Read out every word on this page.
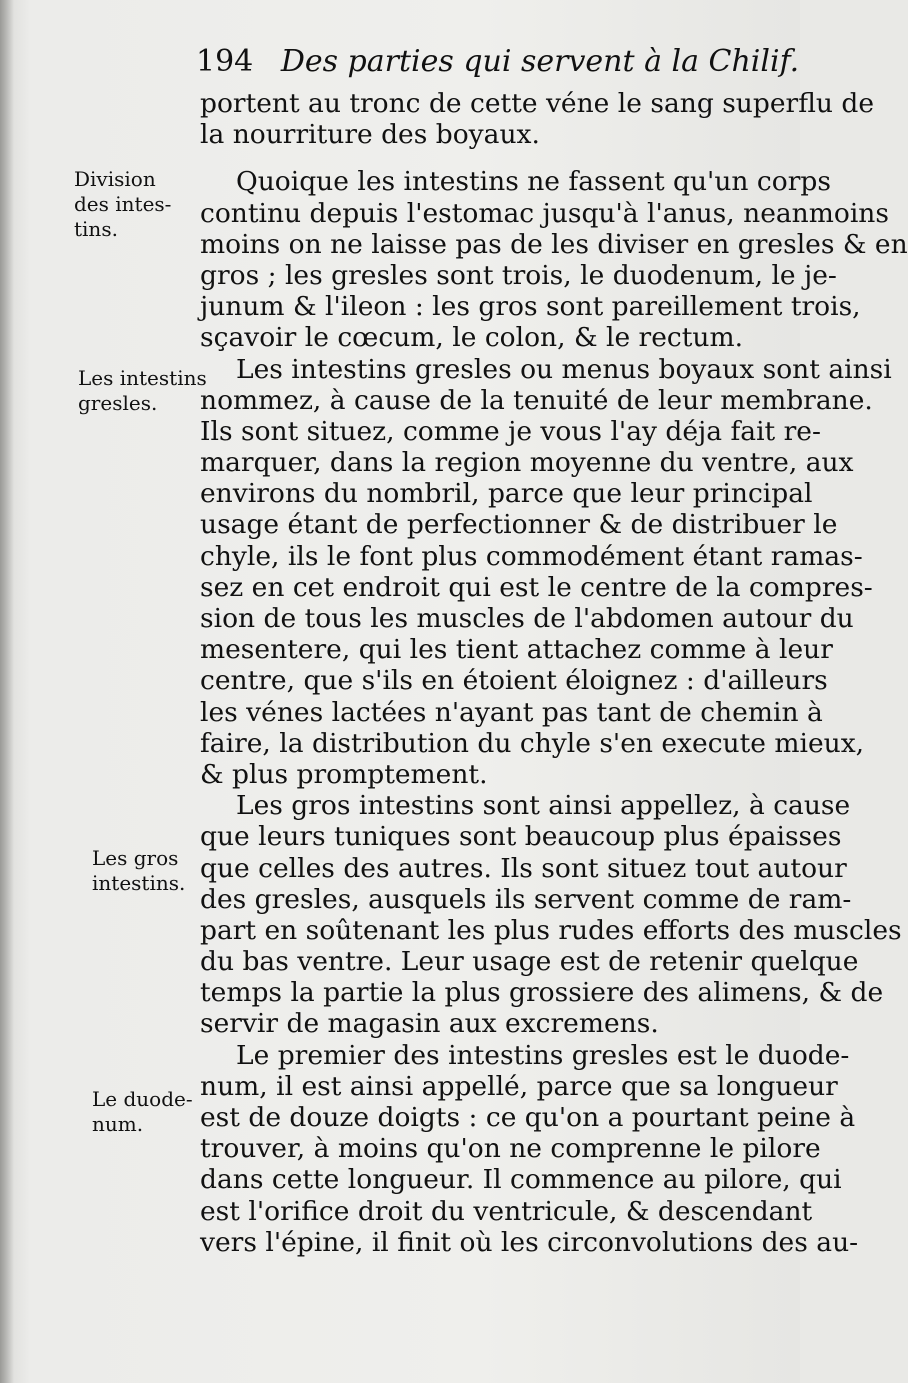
194 Des parties qui servent à la Chilif.
Division
des intes-
tins.
Les intestins
gresles.
Les gros
intestins.
Le duode-
num.
portent au tronc de cette véne le sang superflu de
la nourriture des boyaux.
Quoique les intestins ne fassent qu'un corps
continu depuis l'estomac jusqu'à l'anus, neanmoins
moins on ne laisse pas de les diviser en gresles & en
gros ; les gresles sont trois, le duodenum, le je-
junum & l'ileon : les gros sont pareillement trois,
sçavoir le cœcum, le colon, & le rectum.
Les intestins gresles ou menus boyaux sont ainsi
nommez, à cause de la tenuité de leur membrane.
Ils sont situez, comme je vous l'ay déja fait re-
marquer, dans la region moyenne du ventre, aux
environs du nombril, parce que leur principal
usage étant de perfectionner & de distribuer le
chyle, ils le font plus commodément étant ramas-
sez en cet endroit qui est le centre de la compres-
sion de tous les muscles de l'abdomen autour du
mesentere, qui les tient attachez comme à leur
centre, que s'ils en étoient éloignez : d'ailleurs
les vénes lactées n'ayant pas tant de chemin à
faire, la distribution du chyle s'en execute mieux,
& plus promptement.
Les gros intestins sont ainsi appellez, à cause
que leurs tuniques sont beaucoup plus épaisses
que celles des autres. Ils sont situez tout autour
des gresles, ausquels ils servent comme de ram-
part en soûtenant les plus rudes efforts des muscles
du bas ventre. Leur usage est de retenir quelque
temps la partie la plus grossiere des alimens, & de
servir de magasin aux excremens.
Le premier des intestins gresles est le duode-
num, il est ainsi appellé, parce que sa longueur
est de douze doigts : ce qu'on a pourtant peine à
trouver, à moins qu'on ne comprenne le pilore
dans cette longueur. Il commence au pilore, qui
est l'orifice droit du ventricule, & descendant
vers l'épine, il finit où les circonvolutions des au-
